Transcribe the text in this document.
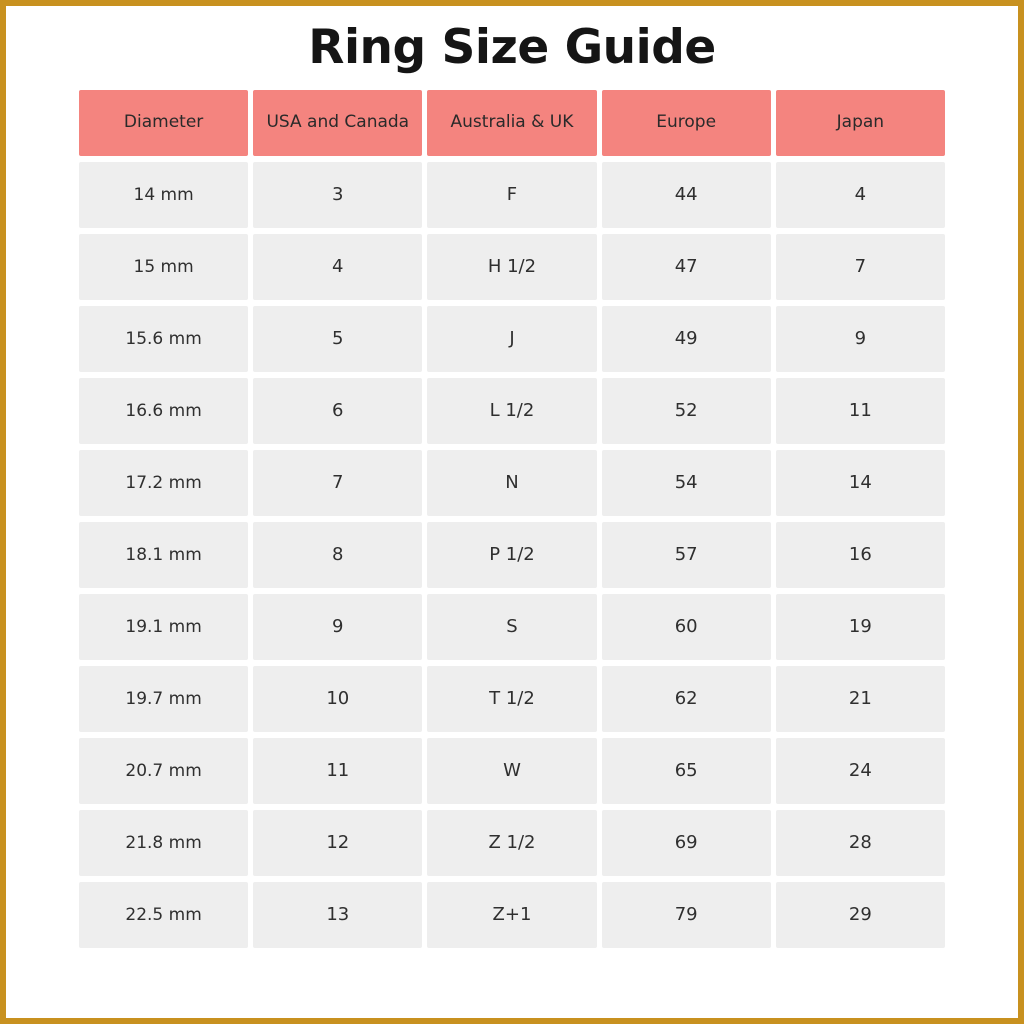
Ring Size Guide
Diameter	USA and Canada	Australia & UK	Europe	Japan
14 mm	3	F	44	4
15 mm	4	H 1/2	47	7
15.6 mm	5	J	49	9
16.6 mm	6	L 1/2	52	11
17.2 mm	7	N	54	14
18.1 mm	8	P 1/2	57	16
19.1 mm	9	S	60	19
19.7 mm	10	T 1/2	62	21
20.7 mm	11	W	65	24
21.8 mm	12	Z 1/2	69	28
22.5 mm	13	Z+1	79	29
